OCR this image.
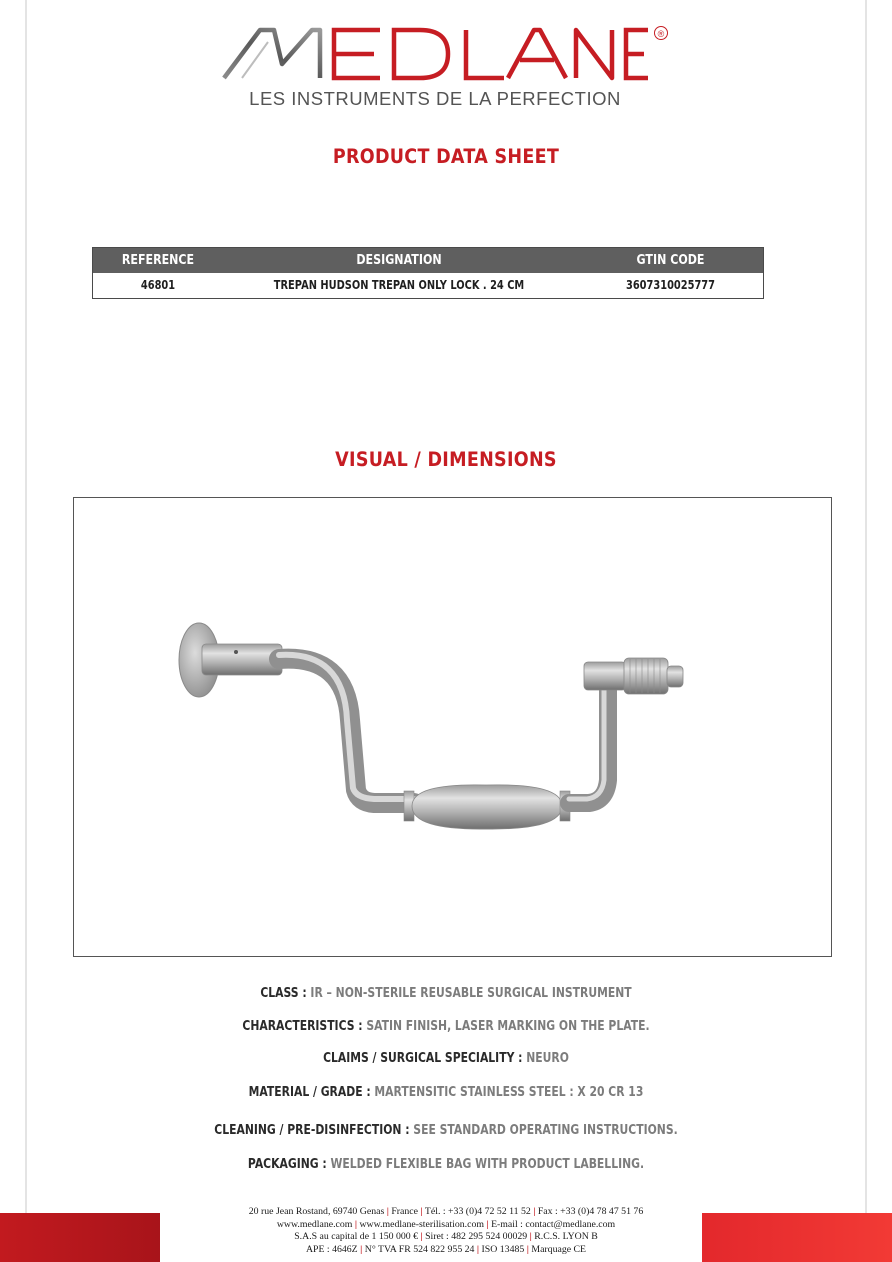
®
LES INSTRUMENTS DE LA PERFECTION
PRODUCT DATA SHEET
REFERENCE	DESIGNATION	GTIN CODE
46801	TREPAN HUDSON TREPAN ONLY LOCK . 24 CM	3607310025777
VISUAL / DIMENSIONS
CLASS : IR – NON-STERILE REUSABLE SURGICAL INSTRUMENT
CHARACTERISTICS : SATIN FINISH, LASER MARKING ON THE PLATE.
CLAIMS / SURGICAL SPECIALITY : NEURO
MATERIAL / GRADE : MARTENSITIC STAINLESS STEEL : X 20 CR 13
CLEANING / PRE-DISINFECTION : SEE STANDARD OPERATING INSTRUCTIONS.
PACKAGING : WELDED FLEXIBLE BAG WITH PRODUCT LABELLING.
20 rue Jean Rostand, 69740 Genas | France | Tél. : +33 (0)4 72 52 11 52 | Fax : +33 (0)4 78 47 51 76
www.medlane.com | www.medlane-sterilisation.com | E-mail : contact@medlane.com
S.A.S au capital de 1 150 000 € | Siret : 482 295 524 00029 | R.C.S. LYON B
APE : 4646Z | N° TVA FR 524 822 955 24 | ISO 13485 | Marquage CE
